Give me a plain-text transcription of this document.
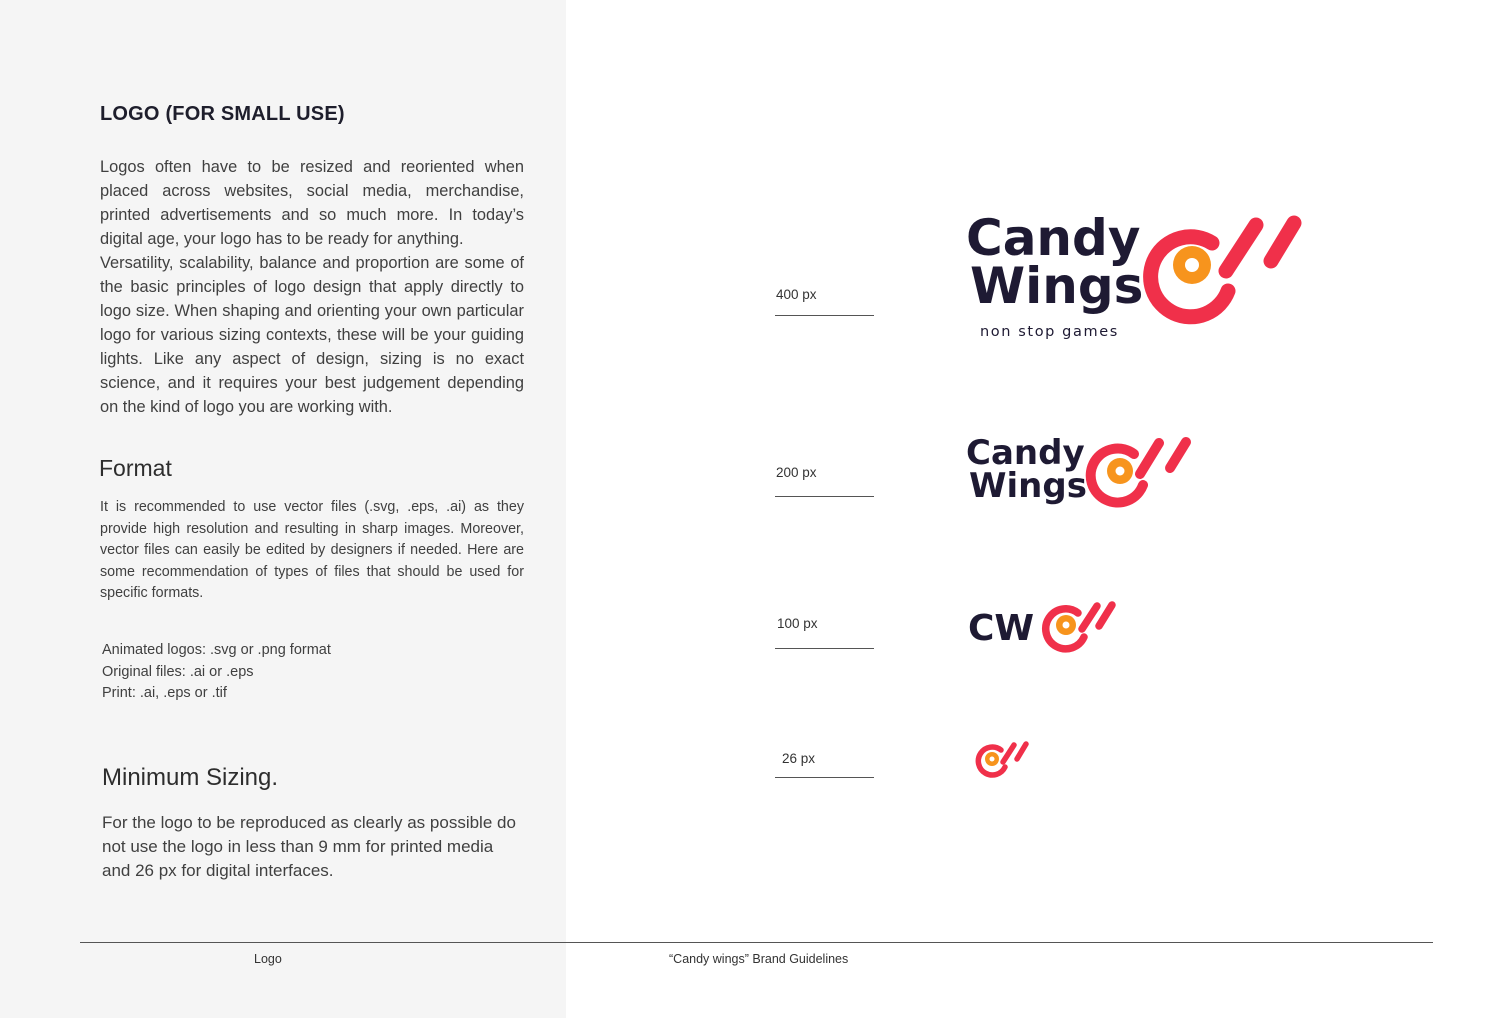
LOGO (FOR SMALL USE)

Logos often have to be resized and reoriented when placed across websites, social media, merchandise, printed advertisements and so much more. In today’s digital age, your logo has to be ready for anything.

Versatility, scalability, balance and proportion are some of the basic principles of logo design that apply directly to logo size. When shaping and orienting your own particular logo for various sizing contexts, these will be your guiding lights. Like any aspect of design, sizing is no exact science, and it requires your best judgement depending on the kind of logo you are working with.

Format

It is recommended to use vector files (.svg, .eps, .ai) as they provide high resolution and resulting in sharp images. Moreover, vector files can easily be edited by designers if needed. Here are some recommendation of types of files that should be used for specific formats.

Animated logos: .svg or .png format
Original files: .ai or .eps
Print: .ai, .eps or .tif
Minimum Sizing.

For the logo to be reproduced as clearly as possible do not use the logo in less than 9 mm for printed media and 26 px for digital interfaces.

400 px
200 px
100 px
26 px
Candy
Wings
non stop games
Candy
Wings
CW
Logo	“Candy wings” Brand Guidelines
